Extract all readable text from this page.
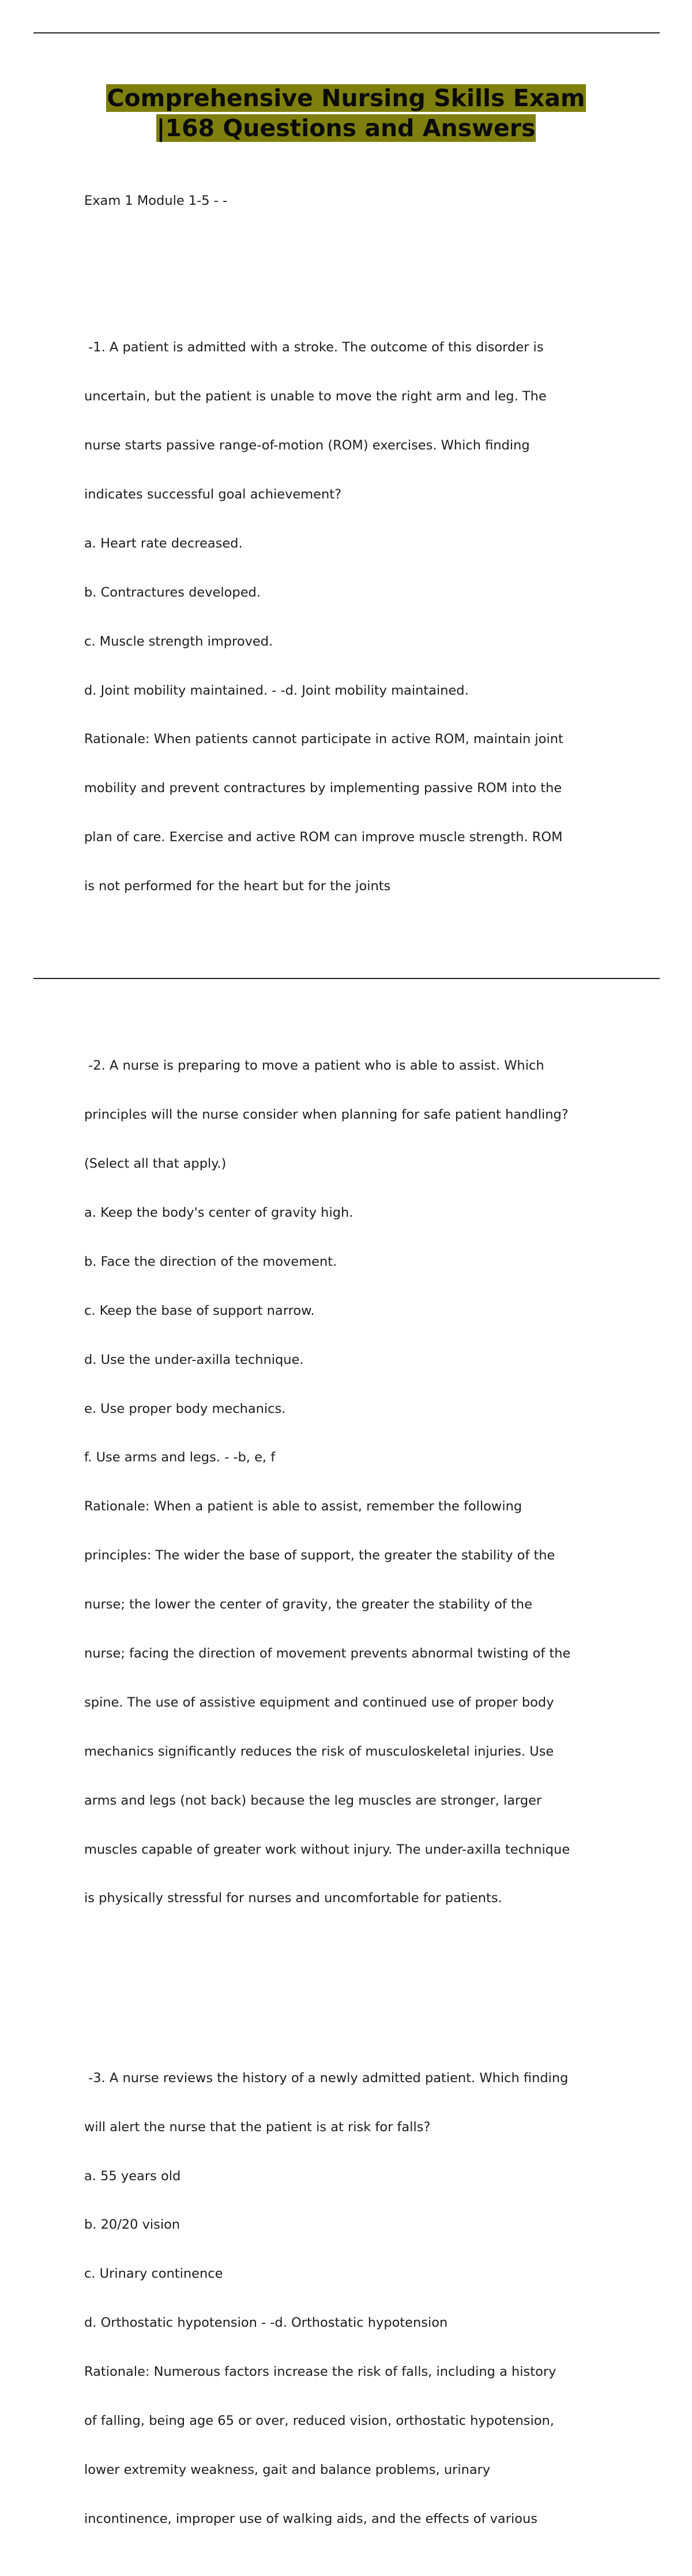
Comprehensive Nursing Skills Exam
|168 Questions and Answers

Exam 1 Module 1-5 - -

-1. A patient is admitted with a stroke. The outcome of this disorder is

uncertain, but the patient is unable to move the right arm and leg. The

nurse starts passive range-of-motion (ROM) exercises. Which finding

indicates successful goal achievement?

a. Heart rate decreased.

b. Contractures developed.

c. Muscle strength improved.

d. Joint mobility maintained. - -d. Joint mobility maintained.

Rationale: When patients cannot participate in active ROM, maintain joint

mobility and prevent contractures by implementing passive ROM into the

plan of care. Exercise and active ROM can improve muscle strength. ROM

is not performed for the heart but for the joints

-2. A nurse is preparing to move a patient who is able to assist. Which

principles will the nurse consider when planning for safe patient handling?

(Select all that apply.)

a. Keep the body's center of gravity high.

b. Face the direction of the movement.

c. Keep the base of support narrow.

d. Use the under-axilla technique.

e. Use proper body mechanics.

f. Use arms and legs. - -b, e, f

Rationale: When a patient is able to assist, remember the following

principles: The wider the base of support, the greater the stability of the

nurse; the lower the center of gravity, the greater the stability of the

nurse; facing the direction of movement prevents abnormal twisting of the

spine. The use of assistive equipment and continued use of proper body

mechanics significantly reduces the risk of musculoskeletal injuries. Use

arms and legs (not back) because the leg muscles are stronger, larger

muscles capable of greater work without injury. The under-axilla technique

is physically stressful for nurses and uncomfortable for patients.

-3. A nurse reviews the history of a newly admitted patient. Which finding

will alert the nurse that the patient is at risk for falls?

a. 55 years old

b. 20/20 vision

c. Urinary continence

d. Orthostatic hypotension - -d. Orthostatic hypotension

Rationale: Numerous factors increase the risk of falls, including a history

of falling, being age 65 or over, reduced vision, orthostatic hypotension,

lower extremity weakness, gait and balance problems, urinary

incontinence, improper use of walking aids, and the effects of various
